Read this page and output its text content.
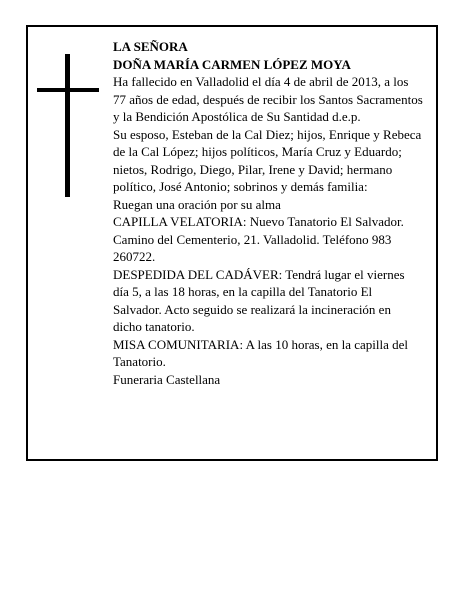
LA SEÑORA

DOÑA MARÍA CARMEN LÓPEZ MOYA

Ha fallecido en Valladolid el día 4 de abril de 2013, a los 77 años de edad, después de recibir los Santos Sacramentos y la Bendición Apostólica de Su Santidad d.e.p.

Su esposo, Esteban de la Cal Diez; hijos, Enrique y Rebeca de la Cal López; hijos políticos, María Cruz y Eduardo; nietos, Rodrigo, Diego, Pilar, Irene y David; hermano político, José Antonio; sobrinos y demás familia:

Ruegan una oración por su alma

CAPILLA VELATORIA: Nuevo Tanatorio El Salvador. Camino del Cementerio, 21. Valladolid. Teléfono 983 260722.

DESPEDIDA DEL CADÁVER: Tendrá lugar el viernes día 5, a las 18 horas, en la capilla del Tanatorio El Salvador. Acto seguido se realizará la incineración en dicho tanatorio.

MISA COMUNITARIA: A las 10 horas, en la capilla del Tanatorio.

Funeraria Castellana
